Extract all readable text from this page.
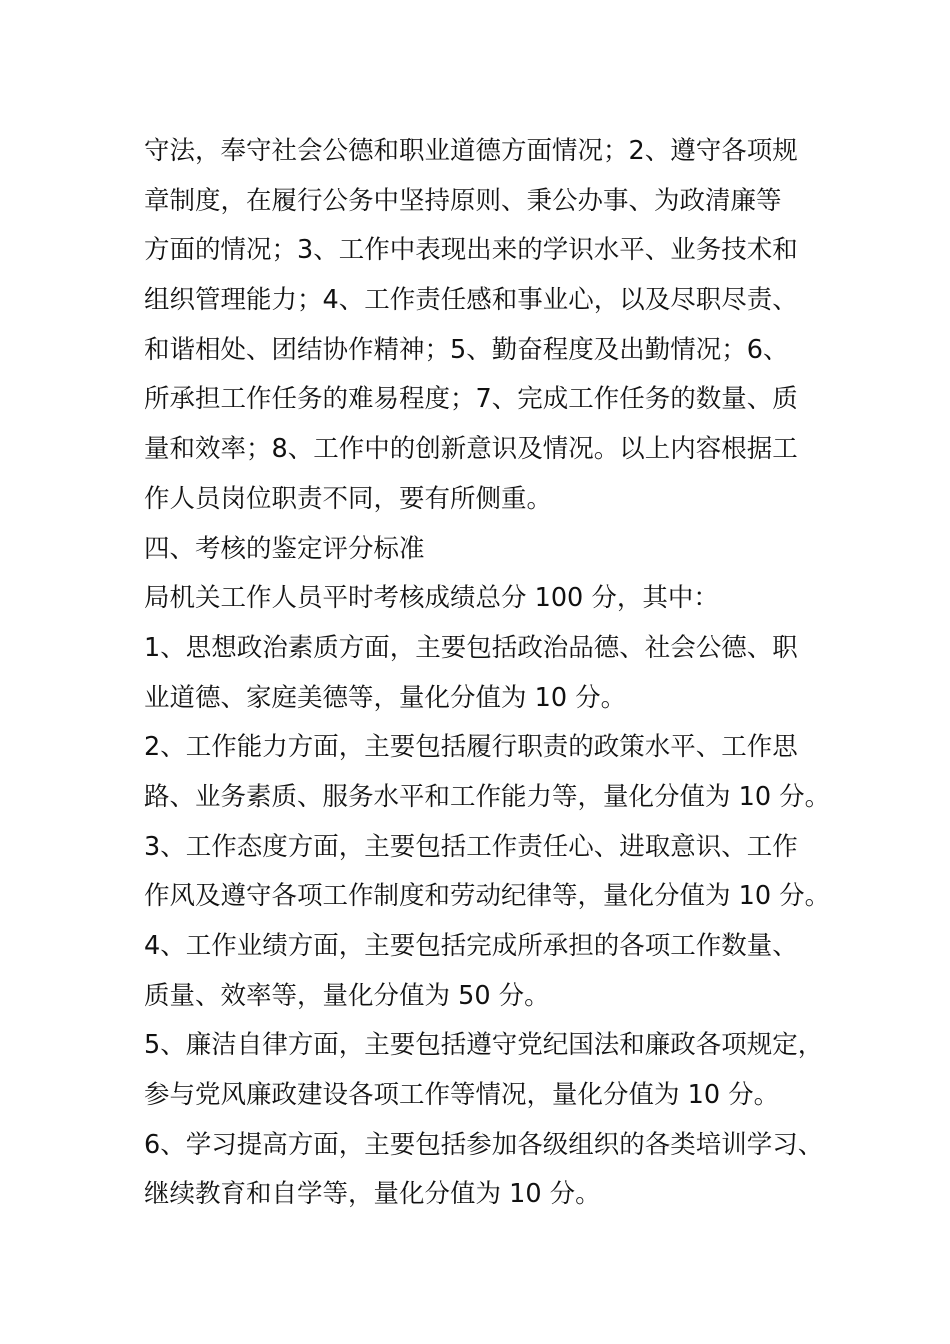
守法，奉守社会公德和职业道德方面情况；2、遵守各项规
章制度，在履行公务中坚持原则、秉公办事、为政清廉等
方面的情况；3、工作中表现出来的学识水平、业务技术和
组织管理能力；4、工作责任感和事业心，以及尽职尽责、
和谐相处、团结协作精神；5、勤奋程度及出勤情况；6、
所承担工作任务的难易程度；7、完成工作任务的数量、质
量和效率；8、工作中的创新意识及情况。以上内容根据工
作人员岗位职责不同，要有所侧重。
四、考核的鉴定评分标准
局机关工作人员平时考核成绩总分 100 分，其中：
1、思想政治素质方面，主要包括政治品德、社会公德、职
业道德、家庭美德等，量化分值为 10 分。
2、工作能力方面，主要包括履行职责的政策水平、工作思
路、业务素质、服务水平和工作能力等，量化分值为 10 分。
3、工作态度方面，主要包括工作责任心、进取意识、工作
作风及遵守各项工作制度和劳动纪律等，量化分值为 10 分。
4、工作业绩方面，主要包括完成所承担的各项工作数量、
质量、效率等，量化分值为 50 分。
5、廉洁自律方面，主要包括遵守党纪国法和廉政各项规定，
参与党风廉政建设各项工作等情况，量化分值为 10 分。
6、学习提高方面，主要包括参加各级组织的各类培训学习、
继续教育和自学等，量化分值为 10 分。
